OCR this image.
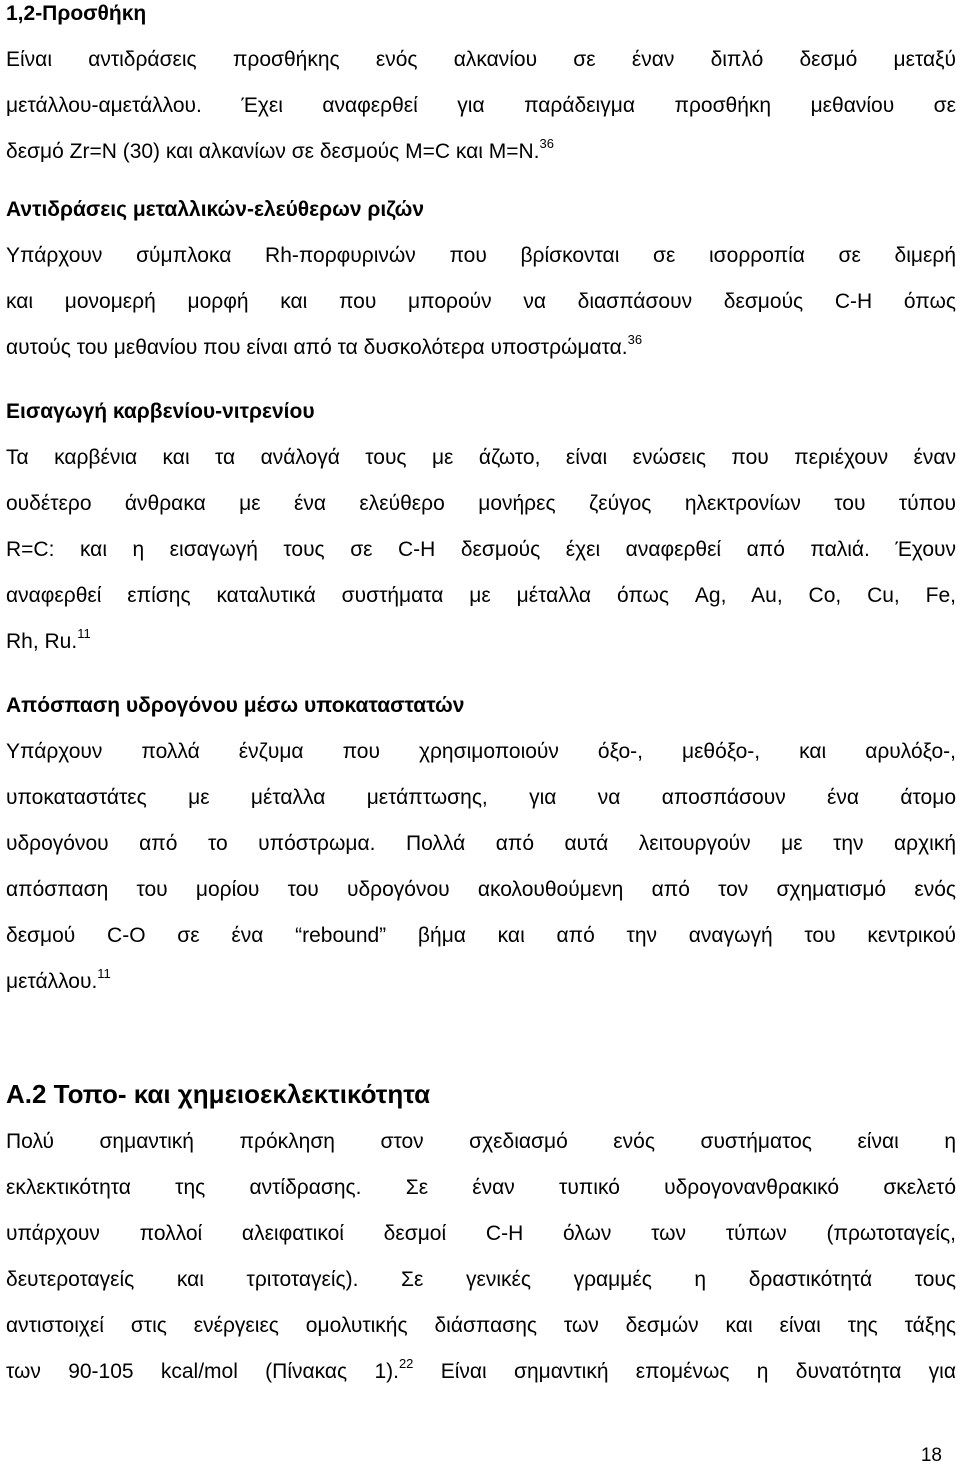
1,2-Προσθήκη

Είναι αντιδράσεις προσθήκης ενός αλκανίου σε έναν διπλό δεσμό μεταξύ
μετάλλου-αμετάλλου. Έχει αναφερθεί για παράδειγμα προσθήκη μεθανίου σε
δεσμό Zr=N (30) και αλκανίων σε δεσμούς M=C και M=N.$^{36}$

Αντιδράσεις μεταλλικών-ελεύθερων ριζών

Υπάρχουν σύμπλοκα Rh-πορφυρινών που βρίσκονται σε ισορροπία σε διμερή
και μονομερή μορφή και που μπορούν να διασπάσουν δεσμούς C-H όπως
αυτούς του μεθανίου που είναι από τα δυσκολότερα υποστρώματα.$^{36}$

Εισαγωγή καρβενίου-νιτρενίου

Τα καρβένια και τα ανάλογά τους με άζωτο, είναι ενώσεις που περιέχουν έναν
ουδέτερο άνθρακα με ένα ελεύθερο μονήρες ζεύγος ηλεκτρονίων του τύπου
R=C: και η εισαγωγή τους σε C-H δεσμούς έχει αναφερθεί από παλιά. Έχουν
αναφερθεί επίσης καταλυτικά συστήματα με μέταλλα όπως Ag, Au, Co, Cu, Fe,
Rh, Ru.$^{11}$

Απόσπαση υδρογόνου μέσω υποκαταστατών

Υπάρχουν πολλά ένζυμα που χρησιμοποιούν όξο-, μεθόξο-, και αρυλόξο-,
υποκαταστάτες με μέταλλα μετάπτωσης, για να αποσπάσουν ένα άτομο
υδρογόνου από το υπόστρωμα. Πολλά από αυτά λειτουργούν με την αρχική
απόσπαση του μορίου του υδρογόνου ακολουθούμενη από τον σχηματισμό ενός
δεσμού C-O σε ένα “rebound” βήμα και από την αναγωγή του κεντρικού
μετάλλου.$^{11}$

Α.2 Τοπο- και χημειοεκλεκτικότητα

Πολύ σημαντική πρόκληση στον σχεδιασμό ενός συστήματος είναι η
εκλεκτικότητα της αντίδρασης. Σε έναν τυπικό υδρογονανθρακικό σκελετό
υπάρχουν πολλοί αλειφατικοί δεσμοί C-H όλων των τύπων (πρωτοταγείς,
δευτεροταγείς και τριτοταγείς). Σε γενικές γραμμές η δραστικότητά τους
αντιστοιχεί στις ενέργειες ομολυτικής διάσπασης των δεσμών και είναι της τάξης
των 90-105 kcal/mol (Πίνακας 1).$^{22}$ Είναι σημαντική επομένως η δυνατότητα για
18
